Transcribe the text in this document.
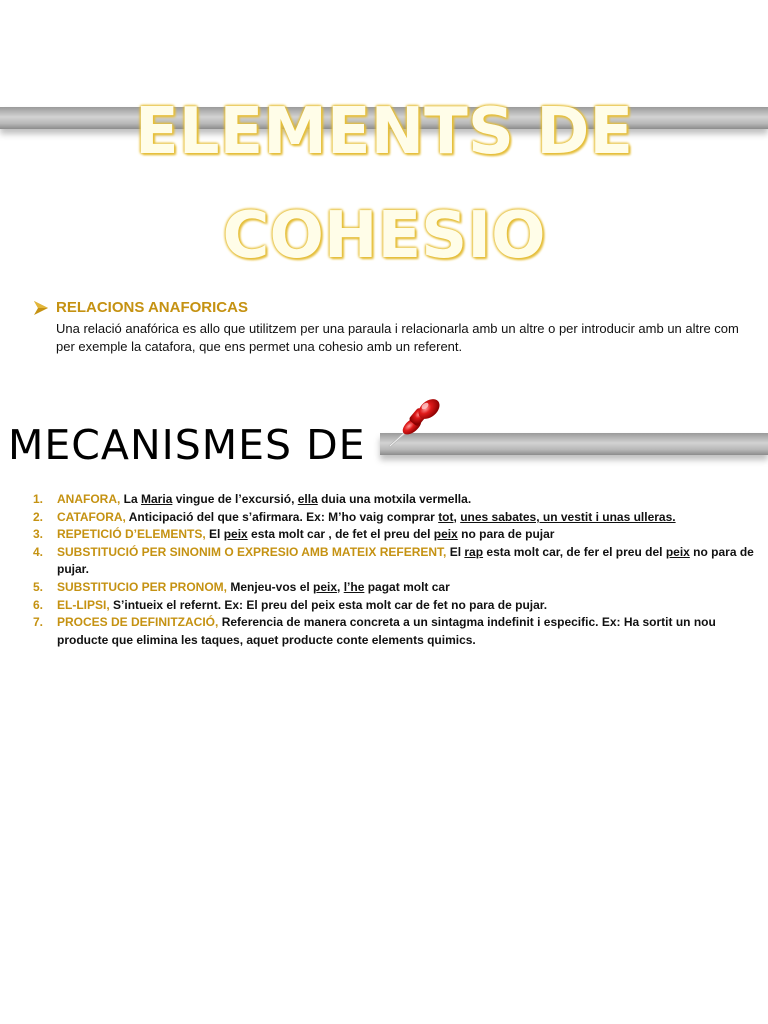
ELEMENTS DE COHESIO
RELACIONS ANAFORICAS
Una relació anafórica es allo que utilitzem per una paraula i relacionarla amb un altre o per introducir amb un altre com per exemple la catafora, que ens permet una cohesio amb un referent.
MECANISMES DE
1. ANAFORA, La Maria vingue de l’excursió, ella duia una motxila vermella.
2. CATAFORA, Anticipació del que s’afirmara. Ex: M’ho vaig comprar tot, unes sabates, un vestit i unas ulleras.
3. REPETICIÓ D’ELEMENTS, El peix esta molt car , de fet el preu del peix no para de pujar
4. SUBSTITUCIÓ PER SINONIM O EXPRESIO AMB MATEIX REFERENT, El rap esta molt car, de fer el preu del peix no para de pujar.
5. SUBSTITUCIO PER PRONOM, Menjeu-vos el peix, l’he pagat molt car
6. EL-LIPSI, S’intueix el refernt. Ex: El preu del peix esta molt car de fet no para de pujar.
7. PROCES DE DEFINITZACIÓ, Referencia de manera concreta a un sintagma indefinit i especific. Ex: Ha sortit un nou producte que elimina les taques, aquet producte conte elements quimics.
